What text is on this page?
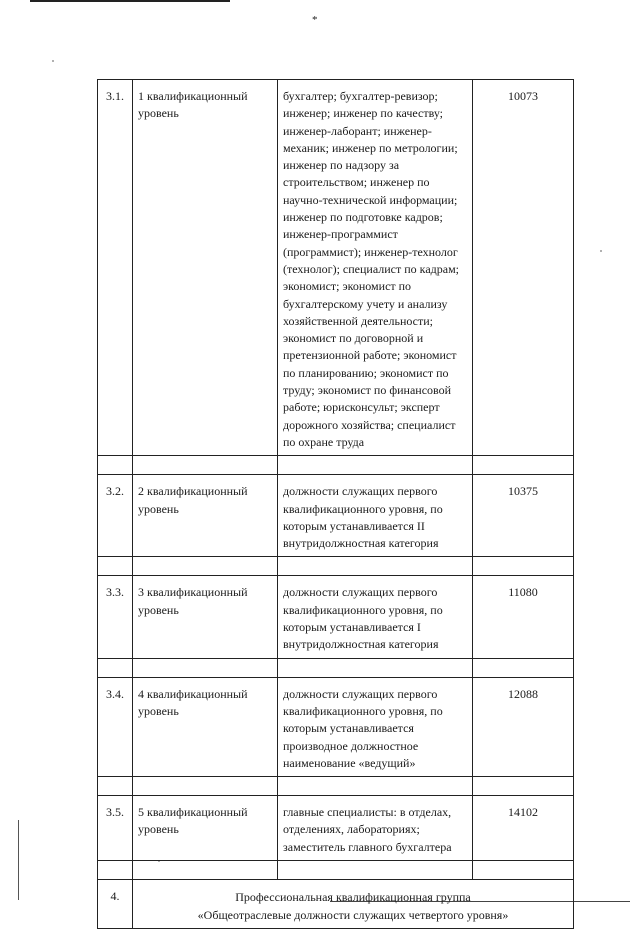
*
3.1.	1 квалификационный уровень	бухгалтер; бухгалтер-ревизор; инженер; инженер по качеству; инженер-лаборант; инженер-механик; инженер по метрологии; инженер по надзору за строительством; инженер по научно-технической информации; инженер по подготовке кадров; инженер-программист (программист); инженер-технолог (технолог); специалист по кадрам; экономист; экономист по бухгалтерскому учету и анализу хозяйственной деятельности; экономист по договорной и претензионной работе; экономист по планированию; экономист по труду; экономист по финансовой работе; юрисконсульт; эксперт дорожного хозяйства; специалист по охране труда	10073

3.2.	2 квалификационный уровень	должности служащих первого квалификационного уровня, по которым устанавливается II внутридолжностная категория	10375

3.3.	3 квалификационный уровень	должности служащих первого квалификационного уровня, по которым устанавливается I внутридолжностная категория	11080

3.4.	4 квалификационный уровень	должности служащих первого квалификационного уровня, по которым устанавливается производное должностное наименование «ведущий»	12088

3.5.	5 квалификационный уровень	главные специалисты: в отделах, отделениях, лабораториях; заместитель главного бухгалтера	14102

4.	Профессиональная квалификационная группа
«Общеотраслевые должности служащих четвертого уровня»		
